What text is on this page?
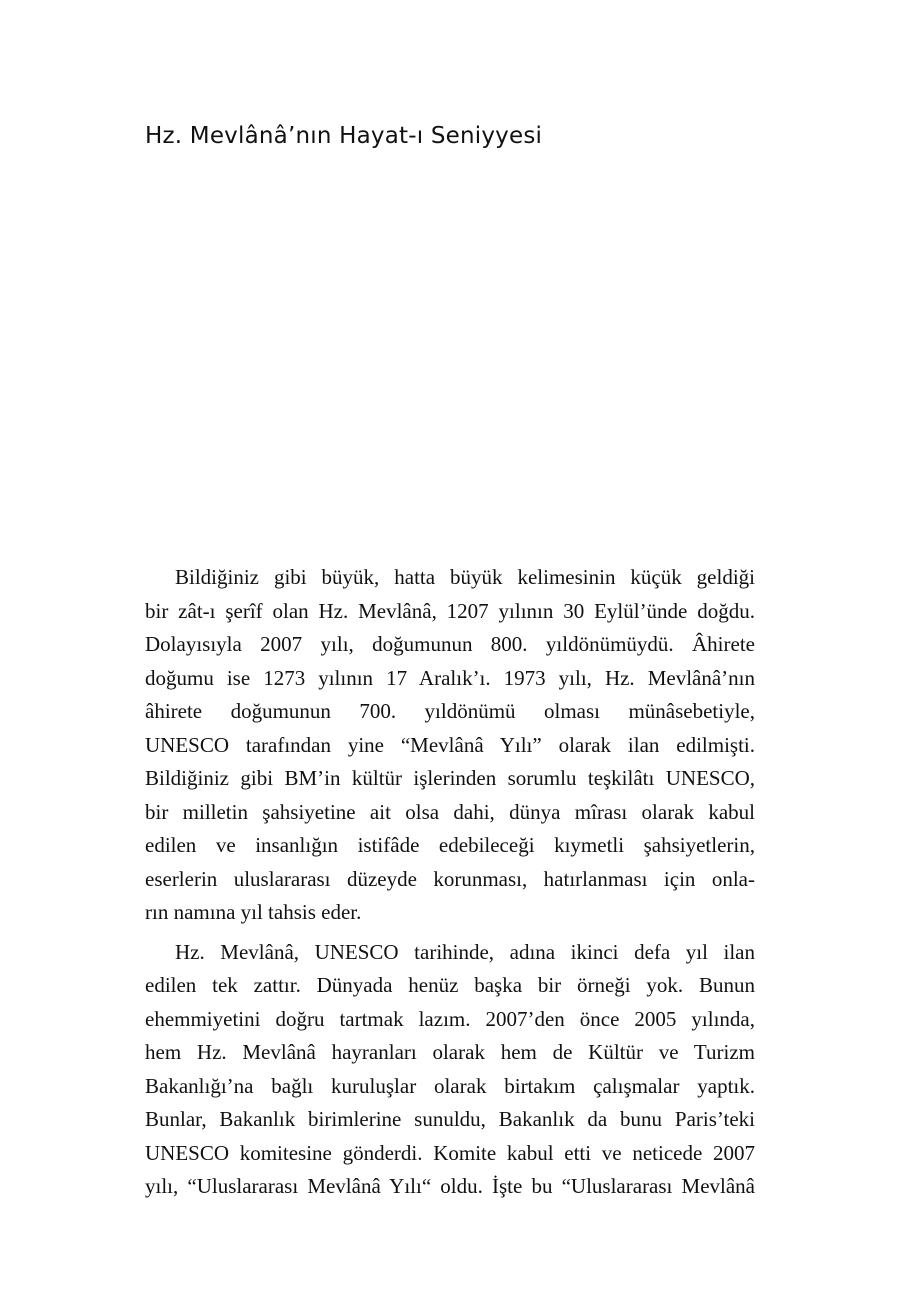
Hz. Mevlânâ’nın Hayat-ı Seniyyesi
Bildiğiniz gibi büyük, hatta büyük kelimesinin küçük geldiği
bir zât-ı şerîf olan Hz. Mevlânâ, 1207 yılının 30 Eylül’ünde doğdu.
Dolayısıyla 2007 yılı, doğumunun 800. yıldönümüydü. Âhirete
doğumu ise 1273 yılının 17 Aralık’ı. 1973 yılı, Hz. Mevlânâ’nın
âhirete doğumunun 700. yıldönümü olması münâsebetiyle,
UNESCO tarafından yine “Mevlânâ Yılı” olarak ilan edilmişti.
Bildiğiniz gibi BM’in kültür işlerinden sorumlu teşkilâtı UNESCO,
bir milletin şahsiyetine ait olsa dahi, dünya mîrası olarak kabul
edilen ve insanlığın istifâde edebileceği kıymetli şahsiyetlerin,
eserlerin uluslararası düzeyde korunması, hatırlanması için onla-
rın namına yıl tahsis eder.
Hz. Mevlânâ, UNESCO tarihinde, adına ikinci defa yıl ilan
edilen tek zattır. Dünyada henüz başka bir örneği yok. Bunun
ehemmiyetini doğru tartmak lazım. 2007’den önce 2005 yılında,
hem Hz. Mevlânâ hayranları olarak hem de Kültür ve Turizm
Bakanlığı’na bağlı kuruluşlar olarak birtakım çalışmalar yaptık.
Bunlar, Bakanlık birimlerine sunuldu, Bakanlık da bunu Paris’teki
UNESCO komitesine gönderdi. Komite kabul etti ve neticede 2007
yılı, “Uluslararası Mevlânâ Yılı“ oldu. İşte bu “Uluslararası Mevlânâ
